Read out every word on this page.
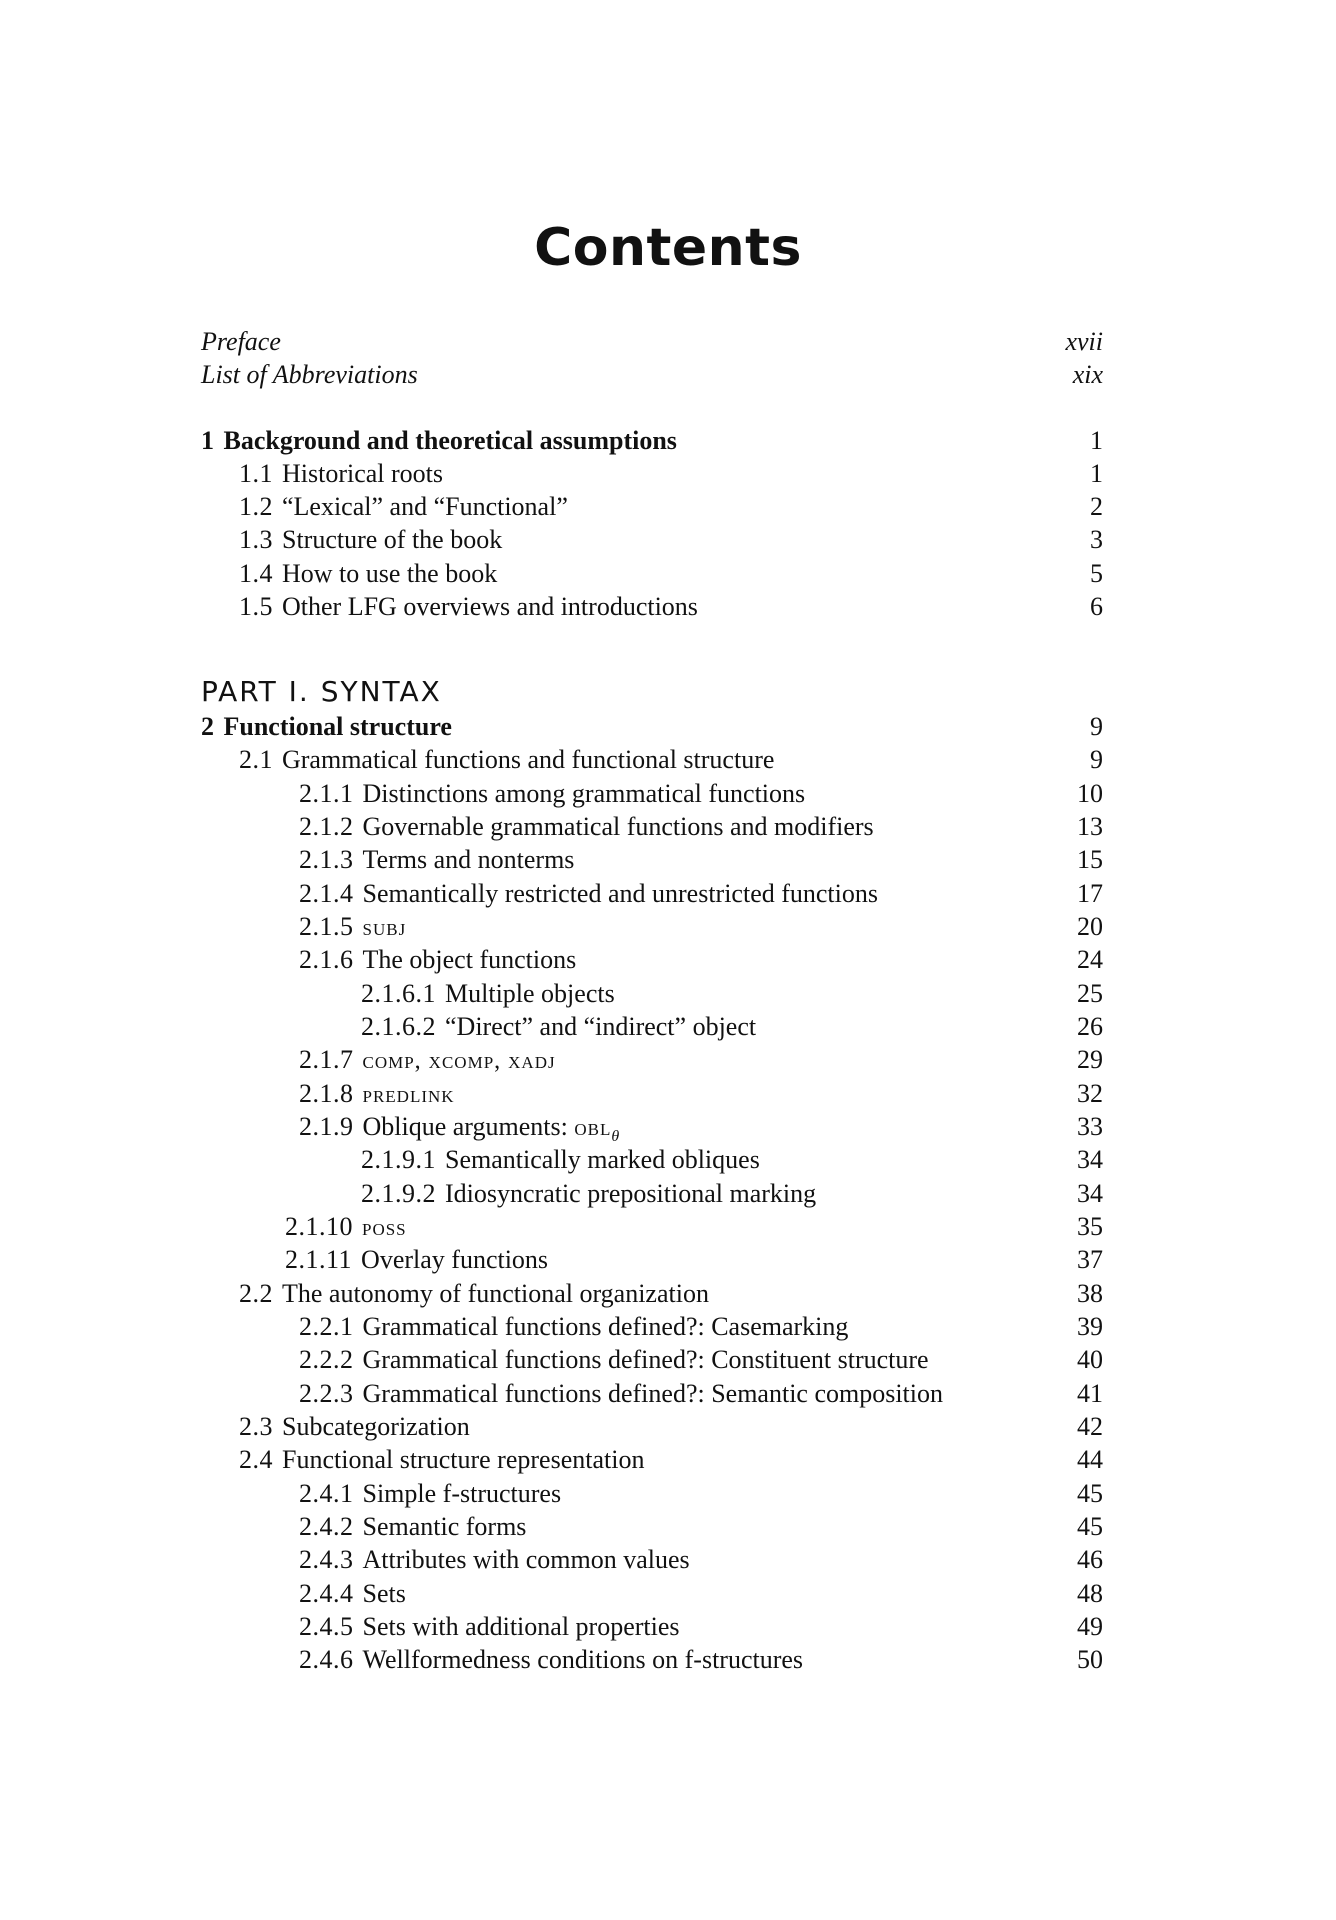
Contents
PART I. SYNTAX
Preface	xvii
List of Abbreviations	xix
1 Background and theoretical assumptions	1
1.1 Historical roots	1
1.2 “Lexical” and “Functional”	2
1.3 Structure of the book	3
1.4 How to use the book	5
1.5 Other LFG overviews and introductions	6
2 Functional structure	9
2.1 Grammatical functions and functional structure	9
2.1.1 Distinctions among grammatical functions	10
2.1.2 Governable grammatical functions and modifiers	13
2.1.3 Terms and nonterms	15
2.1.4 Semantically restricted and unrestricted functions	17
2.1.5 subj	20
2.1.6 The object functions	24
2.1.6.1 Multiple objects	25
2.1.6.2 “Direct” and “indirect” object	26
2.1.7 comp, xcomp, xadj	29
2.1.8 predlink	32
2.1.9 Oblique arguments: obl$_\theta$	33
2.1.9.1 Semantically marked obliques	34
2.1.9.2 Idiosyncratic prepositional marking	34
2.1.10 poss	35
2.1.11 Overlay functions	37
2.2 The autonomy of functional organization	38
2.2.1 Grammatical functions defined?: Casemarking	39
2.2.2 Grammatical functions defined?: Constituent structure	40
2.2.3 Grammatical functions defined?: Semantic composition	41
2.3 Subcategorization	42
2.4 Functional structure representation	44
2.4.1 Simple f-structures	45
2.4.2 Semantic forms	45
2.4.3 Attributes with common values	46
2.4.4 Sets	48
2.4.5 Sets with additional properties	49
2.4.6 Wellformedness conditions on f-structures	50
